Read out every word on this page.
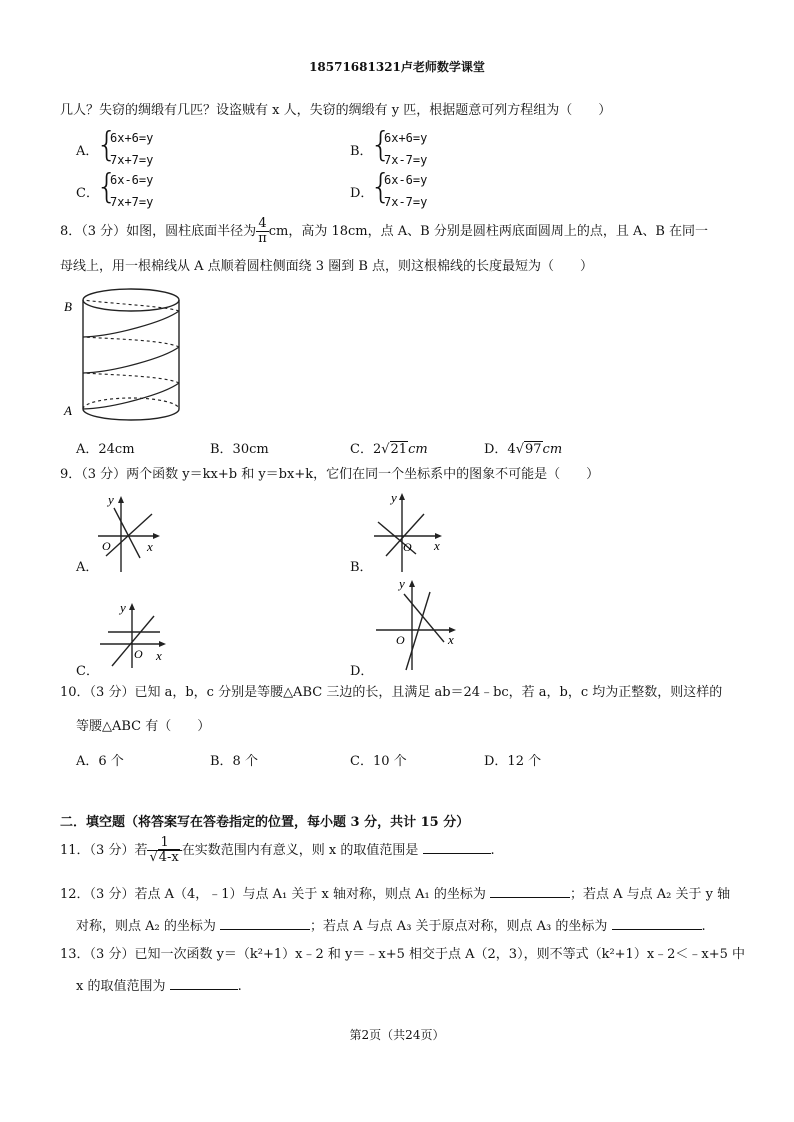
18571681321卢老师数学课堂
几人？失窃的绸缎有几匹？设盗贼有 x 人，失窃的绸缎有 y 匹，根据题意可列方程组为（　　）
A．
{
6x+6=y
7x+7=y
B．
{
6x+6=y
7x-7=y
C．
{
6x-6=y
7x+7=y
D．
{
6x-6=y
7x-7=y
8．（3 分）如图，圆柱底面半径为 $\frac{4}{\pi}$ cm，高为 18cm，点 A、B 分别是圆柱两底面圆周上的点，且 A、B 在同一
母线上，用一根棉线从 A 点顺着圆柱侧面绕 3 圈到 B 点，则这根棉线的长度最短为（　　）
B
A
A．24cm	B．30cm	C．2√21cm	D．4√97cm
9．（3 分）两个函数 y＝kx+b 和 y＝bx+k，它们在同一个坐标系中的图象不可能是（　　）
y
x
O
A．
y
x
O
B．
y
x
O
C．
y
x
O
D．
10．（3 分）已知 a，b，c 分别是等腰△ABC 三边的长，且满足 ab＝24﹣bc，若 a，b，c 均为正整数，则这样的
等腰△ABC 有（　　）
A．6 个	B．8 个	C．10 个	D．12 个
二．填空题（将答案写在答卷指定的位置，每小题 3 分，共计 15 分）
11．（3 分）若 $\frac{1}{√4-x}$ 在实数范围内有意义，则 x 的取值范围是	.
12．（3 分）若点 A（4，﹣1）与点 A₁ 关于 x 轴对称，则点 A₁ 的坐标为	；若点 A 与点 A₂ 关于 y 轴
对称，则点 A₂ 的坐标为	；若点 A 与点 A₃ 关于原点对称，则点 A₃ 的坐标为	.
13．（3 分）已知一次函数 y＝（k²+1）x﹣2 和 y＝﹣x+5 相交于点 A（2，3），则不等式（k²+1）x﹣2＜﹣x+5 中
x 的取值范围为	.
第2页（共24页）
